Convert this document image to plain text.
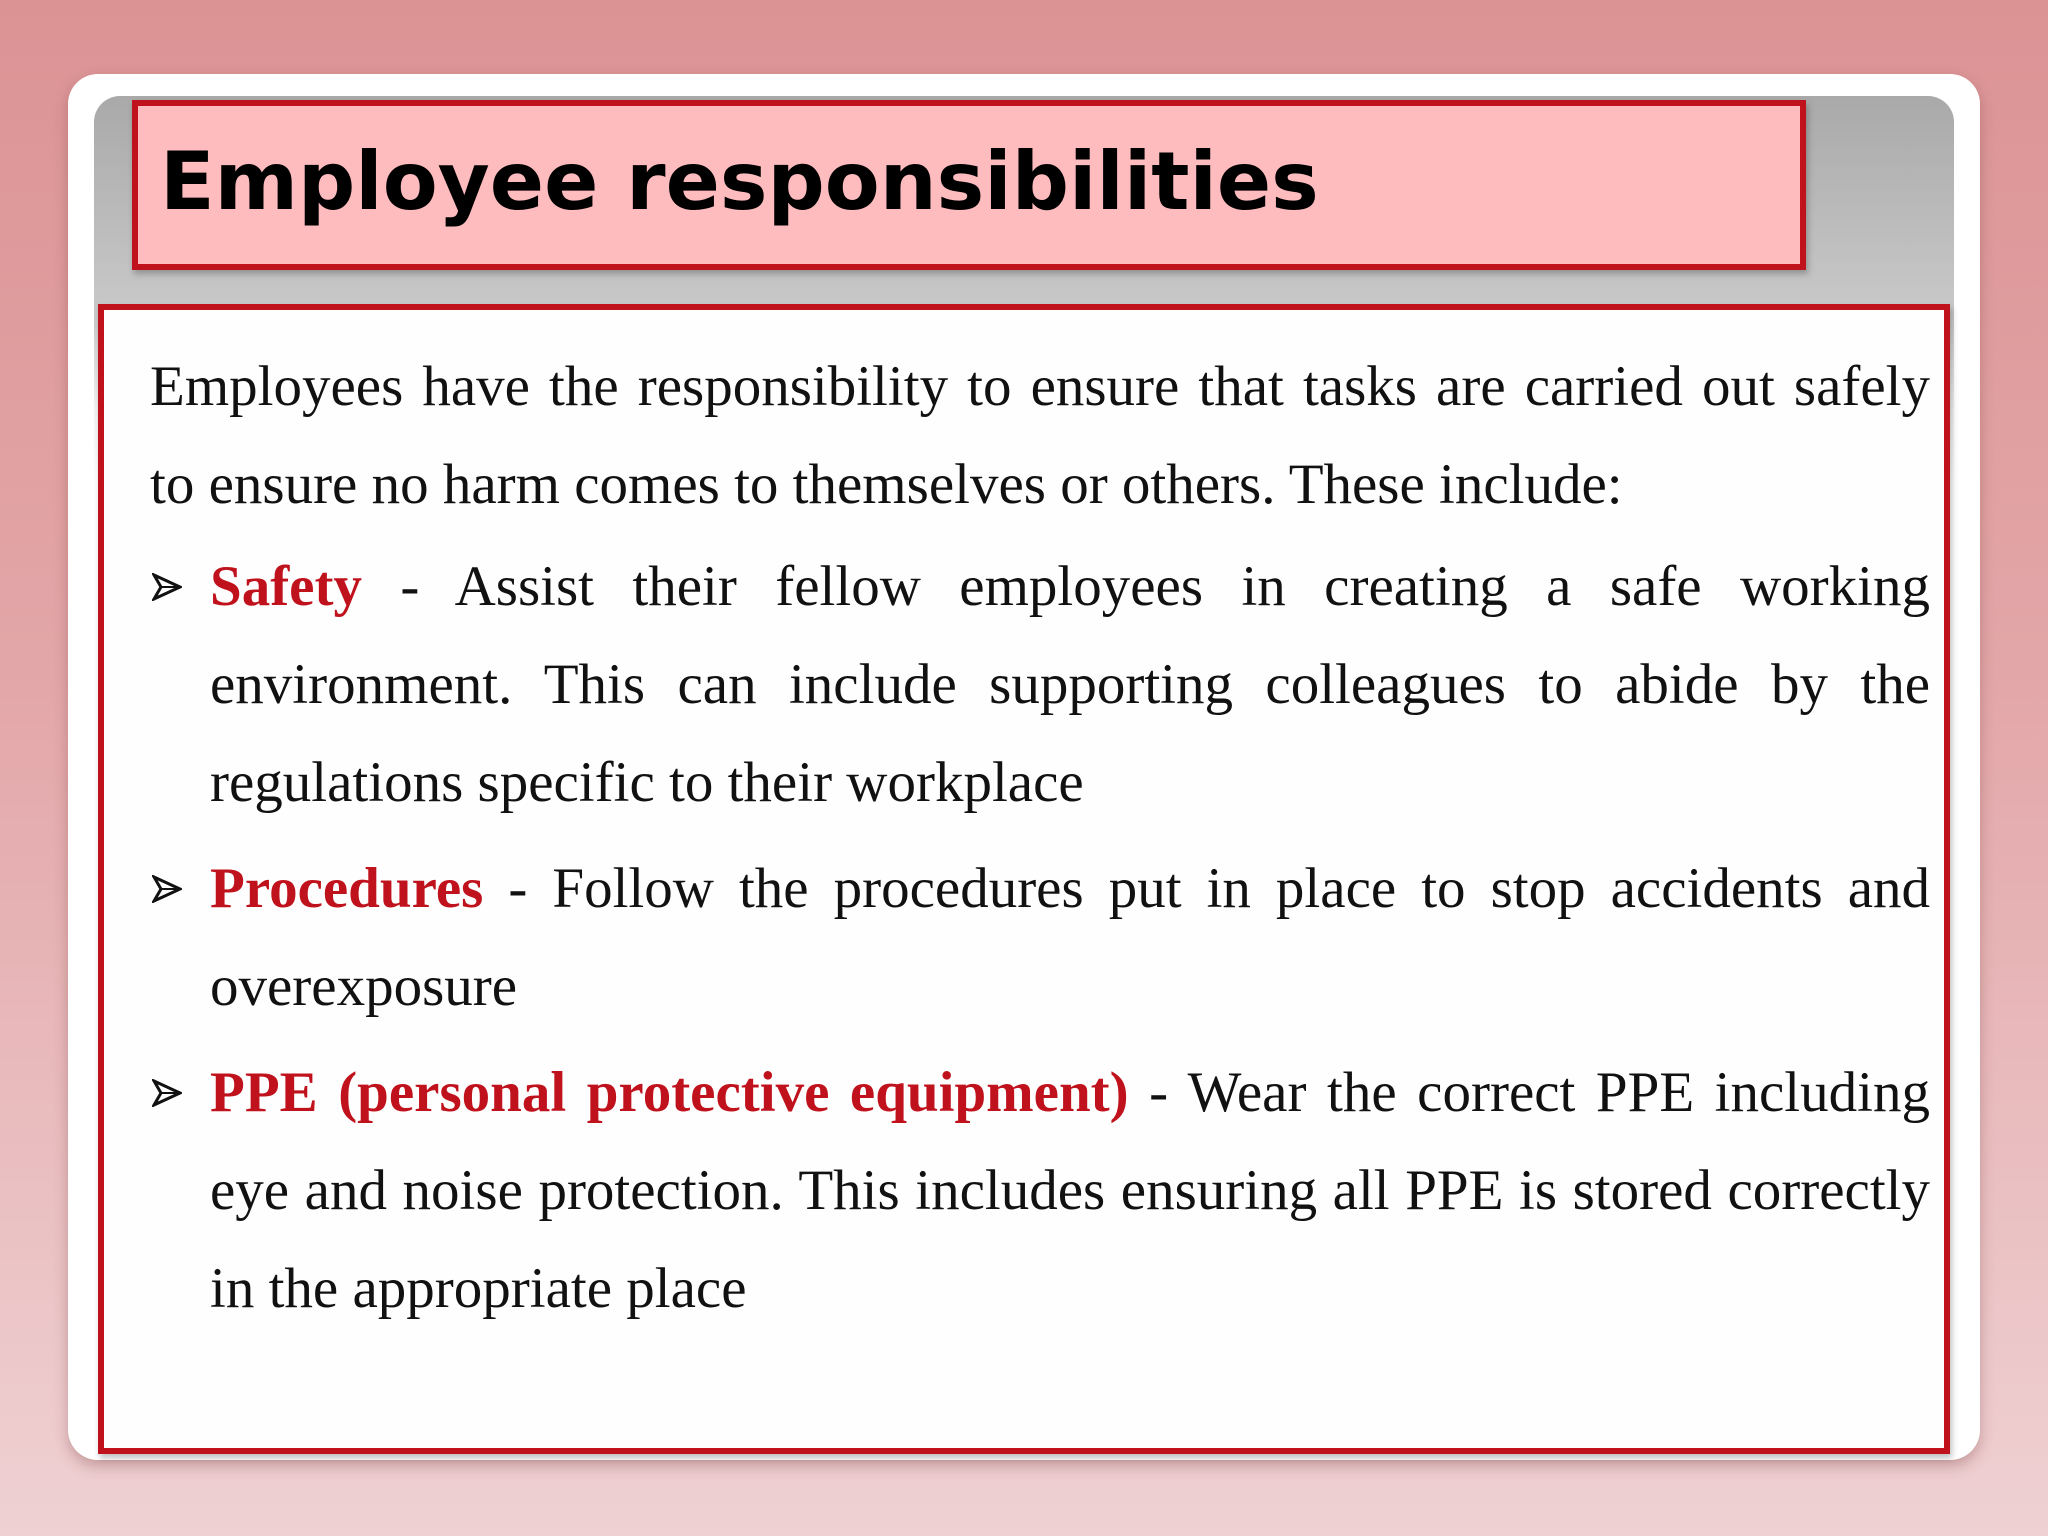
Employee responsibilities

Employees have the responsibility to ensure that tasks are carried out safely to ensure no harm comes to themselves or others. These include:

Safety - Assist their fellow employees in creating a safe working environment. This can include supporting colleagues to abide by the regulations specific to their workplace
Procedures - Follow the procedures put in place to stop accidents and overexposure
PPE (personal protective equipment) - Wear the correct PPE including eye and noise protection. This includes ensuring all PPE is stored correctly in the appropriate place
